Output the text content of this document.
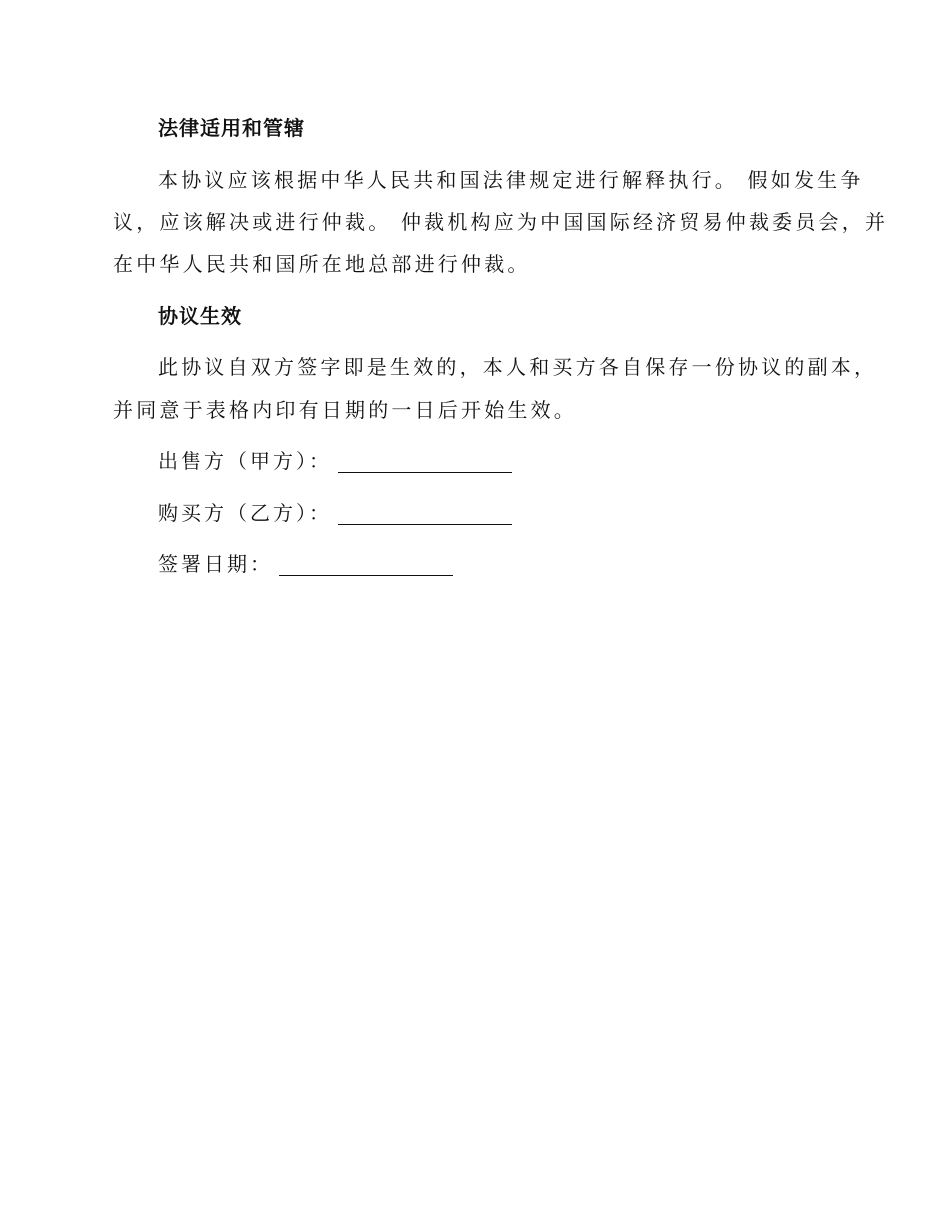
法律适用和管辖
本协议应该根据中华人民共和国法律规定进行解释执行。 假如发生争
议，应该解决或进行仲裁。 仲裁机构应为中国国际经济贸易仲裁委员会，并
在中华人民共和国所在地总部进行仲裁。
协议生效
此协议自双方签字即是生效的，本人和买方各自保存一份协议的副本，
并同意于表格内印有日期的一日后开始生效。
出售方（甲方）：
购买方（乙方）：
签署日期：
